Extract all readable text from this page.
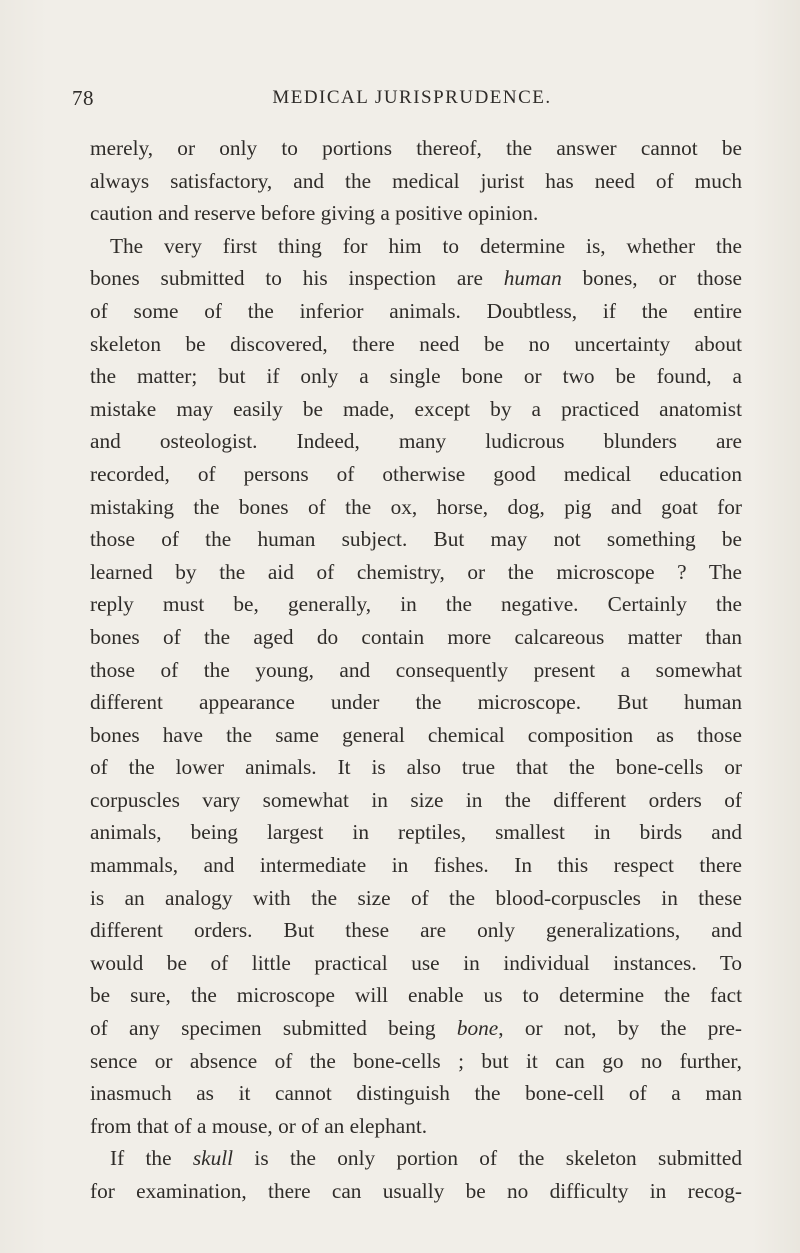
78	MEDICAL JURISPRUDENCE.
merely, or only to portions thereof, the answer cannot be
always satisfactory, and the medical jurist has need of much
caution and reserve before giving a positive opinion.
The very first thing for him to determine is, whether the
bones submitted to his inspection are human bones, or those
of some of the inferior animals. Doubtless, if the entire
skeleton be discovered, there need be no uncertainty about
the matter; but if only a single bone or two be found, a
mistake may easily be made, except by a practiced anatomist
and osteologist. Indeed, many ludicrous blunders are
recorded, of persons of otherwise good medical education
mistaking the bones of the ox, horse, dog, pig and goat for
those of the human subject. But may not something be
learned by the aid of chemistry, or the microscope ? The
reply must be, generally, in the negative. Certainly the
bones of the aged do contain more calcareous matter than
those of the young, and consequently present a somewhat
different appearance under the microscope. But human
bones have the same general chemical composition as those
of the lower animals. It is also true that the bone-cells or
corpuscles vary somewhat in size in the different orders of
animals, being largest in reptiles, smallest in birds and
mammals, and intermediate in fishes. In this respect there
is an analogy with the size of the blood-corpuscles in these
different orders. But these are only generalizations, and
would be of little practical use in individual instances. To
be sure, the microscope will enable us to determine the fact
of any specimen submitted being bone, or not, by the pre-
sence or absence of the bone-cells ; but it can go no further,
inasmuch as it cannot distinguish the bone-cell of a man
from that of a mouse, or of an elephant.
If the skull is the only portion of the skeleton submitted
for examination, there can usually be no difficulty in recog-
